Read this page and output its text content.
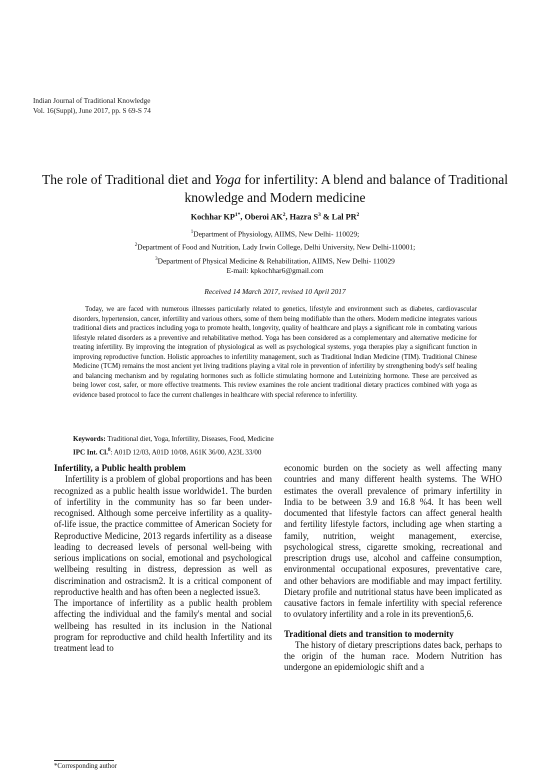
Indian Journal of Traditional Knowledge
Vol. 16(Suppl), June 2017, pp. S 69-S 74
The role of Traditional diet and Yoga for infertility: A blend and balance of Traditional knowledge and Modern medicine
Kochhar $KP^{1*}$, Oberoi $AK^2$, Hazra $S^3$ & Lal $PR^2$
$^1$Department of Physiology, AIIMS, New Delhi- 110029;
$^2$Department of Food and Nutrition, Lady Irwin College, Delhi University, New Delhi-110001;
$^3$Department of Physical Medicine & Rehabilitation, AIIMS, New Delhi- 110029
E-mail: kpkochhar6@gmail.com
Received 14 March 2017, revised 10 April 2017
Today, we are faced with numerous illnesses particularly related to genetics, lifestyle and environment such as diabetes, cardiovascular disorders, hypertension, cancer, infertility and various others, some of them being modifiable than the others. Modern medicine integrates various traditional diets and practices including yoga to promote health, longevity, quality of healthcare and plays a significant role in combating various lifestyle related disorders as a preventive and rehabilitative method. Yoga has been considered as a complementary and alternative medicine for treating infertility. By improving the integration of physiological as well as psychological systems, yoga therapies play a significant function in improving reproductive function. Holistic approaches to infertility management, such as Traditional Indian Medicine (TIM). Traditional Chinese Medicine (TCM) remains the most ancient yet living traditions playing a vital role in prevention of infertility by strengthening body's self healing and balancing mechanism and by regulating hormones such as follicle stimulating hormone and Luteinizing hormone. These are perceived as being lower cost, safer, or more effective treatments. This review examines the role ancient traditional dietary practices combined with yoga as evidence based protocol to face the current challenges in healthcare with special reference to infertility.
Keywords: Traditional diet, Yoga, Infertility, Diseases, Food, Medicine
IPC Int. Cl.$^8$: A01D 12/03, A01D 10/08, A61K 36/00, A23L 33/00
Infertility, a Public health problem

Infertility is a problem of global proportions and has been recognized as a public health issue worldwide1. The burden of infertility in the community has so far been under-recognised. Although some perceive infertility as a quality-of-life issue, the practice committee of American Society for Reproductive Medicine, 2013 regards infertility as a disease leading to decreased levels of personal well-being with serious implications on social, emotional and psychological wellbeing resulting in distress, depression as well as discrimination and ostracism2. It is a critical component of reproductive health and has often been a neglected issue3.

The importance of infertility as a public health problem affecting the individual and the family's mental and social wellbeing has resulted in its inclusion in the National program for reproductive and child health Infertility and its treatment lead to

economic burden on the society as well affecting many countries and many different health systems. The WHO estimates the overall prevalence of primary infertility in India to be between 3.9 and 16.8 %4. It has been well documented that lifestyle factors can affect general health and fertility lifestyle factors, including age when starting a family, nutrition, weight management, exercise, psychological stress, cigarette smoking, recreational and prescription drugs use, alcohol and caffeine consumption, environmental occupational exposures, preventative care, and other behaviors are modifiable and may impact fertility. Dietary profile and nutritional status have been implicated as causative factors in female infertility with special reference to ovulatory infertility and a role in its prevention5,6.

Traditional diets and transition to modernity

The history of dietary prescriptions dates back, perhaps to the origin of the human race. Modern Nutrition has undergone an epidemiologic shift and a

*Corresponding author
